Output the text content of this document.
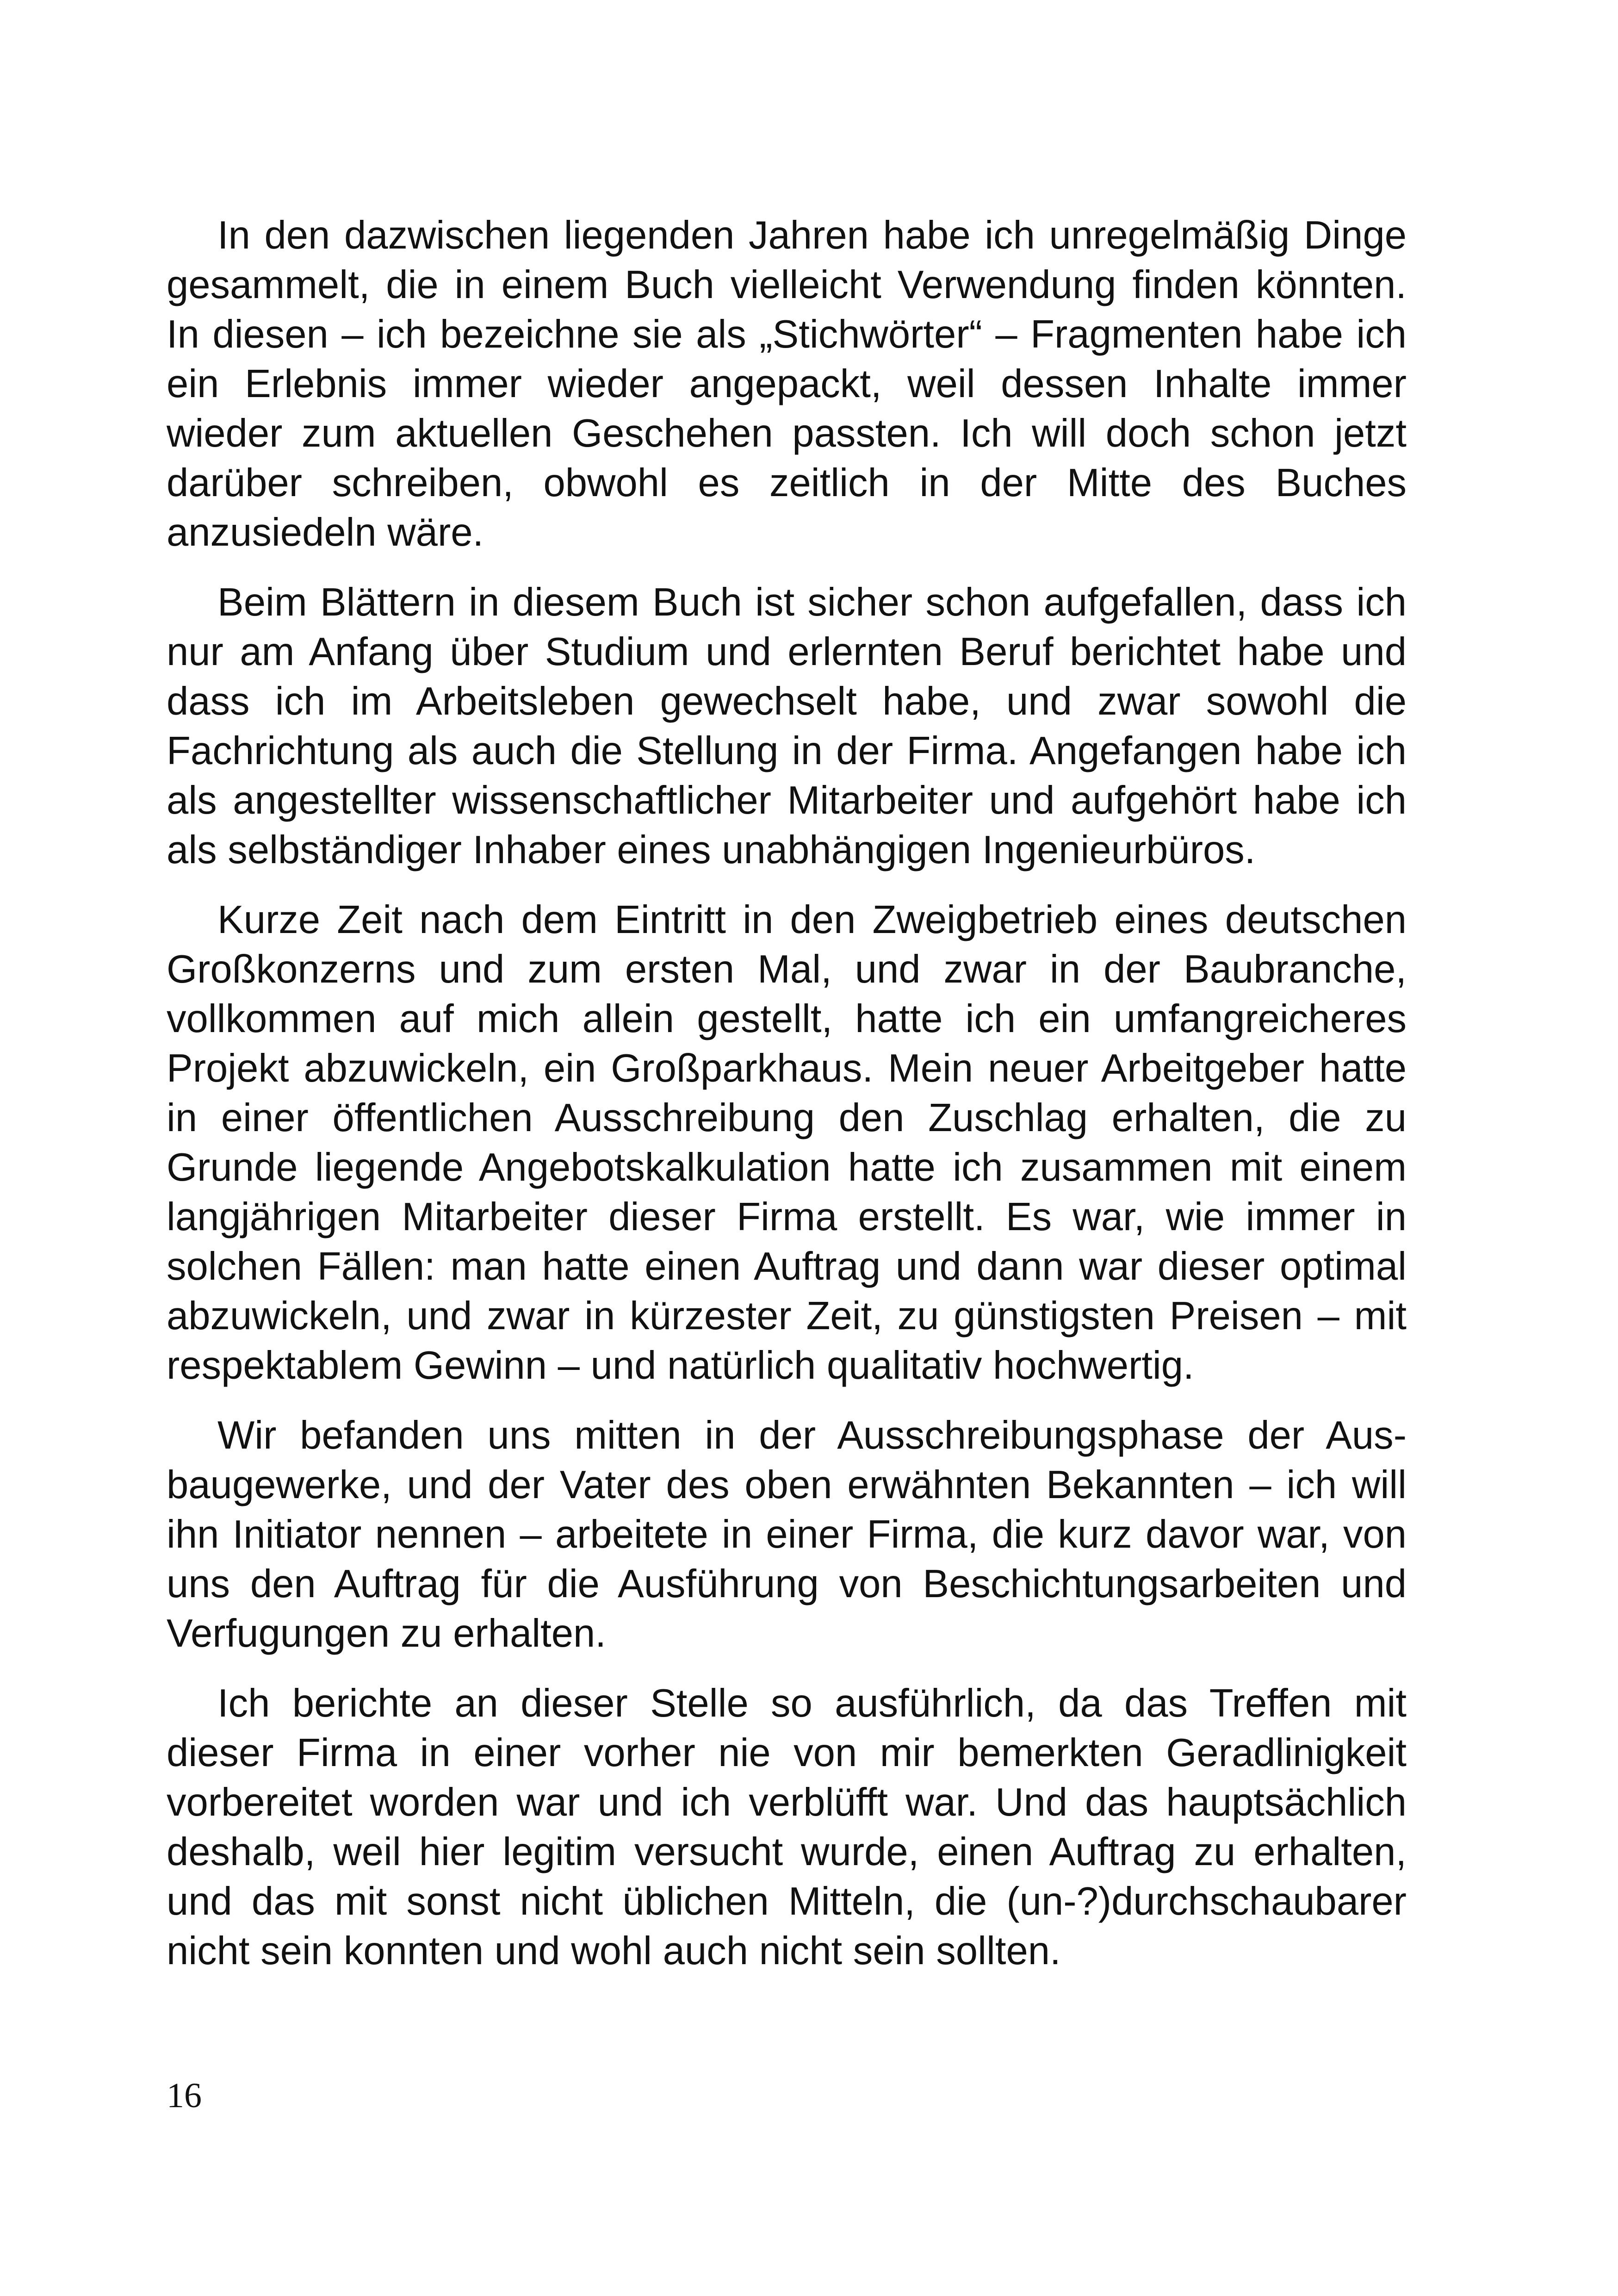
In den dazwischen liegenden Jahren habe ich unregelmäßig Dinge gesammelt, die in einem Buch vielleicht Verwendung finden könnten. In diesen – ich bezeichne sie als „Stichwörter“ – Fragmenten habe ich ein Erlebnis immer wieder angepackt, weil dessen Inhalte immer wieder zum aktuellen Geschehen passten. Ich will doch schon jetzt darüber schreiben, obwohl es zeitlich in der Mitte des Buches anzusiedeln wäre.

Beim Blättern in diesem Buch ist sicher schon aufgefallen, dass ich nur am Anfang über Studium und erlernten Beruf berichtet habe und dass ich im Arbeitsleben gewechselt habe, und zwar sowohl die Fachrichtung als auch die Stellung in der Firma. Angefangen habe ich als angestellter wissenschaftlicher Mitarbeiter und aufgehört habe ich als selbständiger Inhaber eines unabhängigen Ingenieurbüros.

Kurze Zeit nach dem Eintritt in den Zweigbetrieb eines deutschen Großkonzerns und zum ersten Mal, und zwar in der Baubranche, vollkommen auf mich allein gestellt, hatte ich ein umfangreicheres Projekt abzuwickeln, ein Großparkhaus. Mein neuer Arbeitgeber hatte in einer öffentlichen Ausschreibung den Zuschlag erhalten, die zu Grunde liegende Angebotskalkulation hatte ich zusammen mit einem langjährigen Mitarbeiter dieser Firma erstellt. Es war, wie immer in solchen Fällen: man hatte einen Auftrag und dann war dieser optimal abzuwickeln, und zwar in kürzester Zeit, zu günstigsten Preisen – mit respektablem Gewinn – und natürlich qualitativ hochwertig.

Wir befanden uns mitten in der Ausschreibungsphase der Ausbaugewerke, und der Vater des oben erwähnten Bekannten – ich will ihn Initiator nennen – arbeitete in einer Firma, die kurz davor war, von uns den Auftrag für die Ausführung von Beschichtungsarbeiten und Verfugungen zu erhalten.

Ich berichte an dieser Stelle so ausführlich, da das Treffen mit dieser Firma in einer vorher nie von mir bemerkten Geradlinigkeit vorbereitet worden war und ich verblüfft war. Und das hauptsächlich deshalb, weil hier legitim versucht wurde, einen Auftrag zu erhalten, und das mit sonst nicht üblichen Mitteln, die (un-?)durchschaubarer nicht sein konnten und wohl auch nicht sein sollten.

16
